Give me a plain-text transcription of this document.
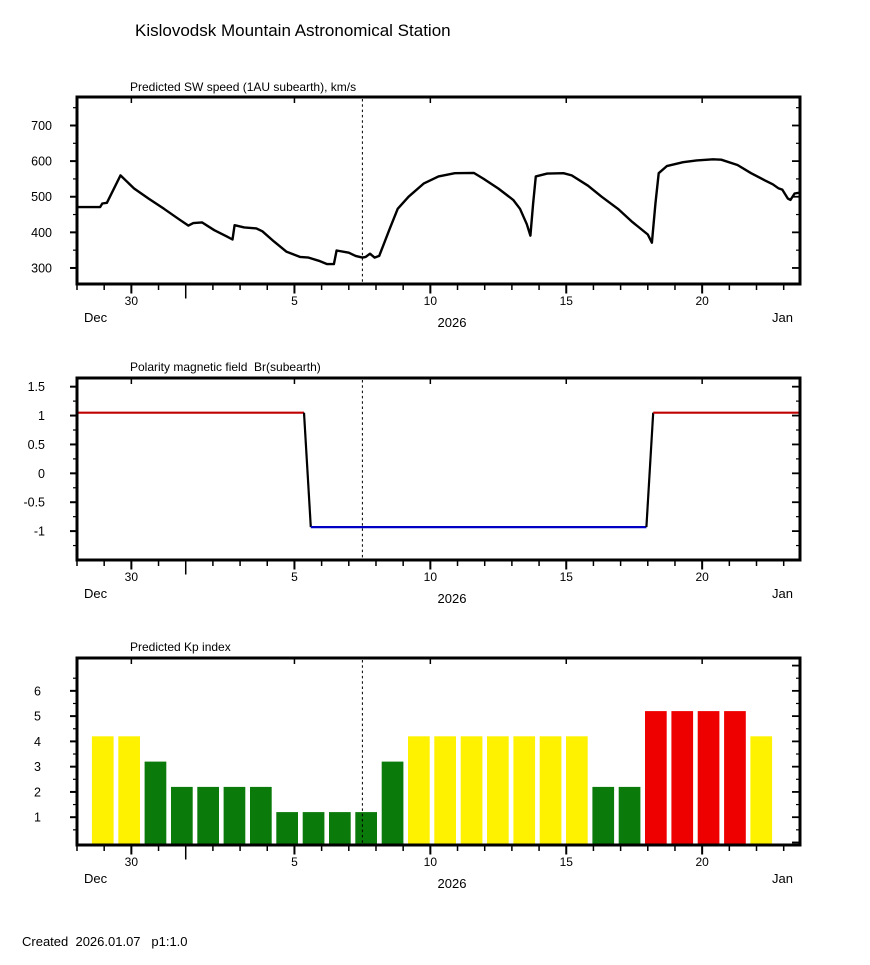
Kislovodsk Mountain Astronomical Station
Predicted SW speed (1AU subearth), km/s
Polarity magnetic field  Br(subearth)
Predicted Kp index
30	5	10	15	20
300
400
500
600
700
Dec	2026	Jan
30	5	10	15	20
1.5
1
0.5
0
-0.5
-1
Dec	2026	Jan
30	5	10	15	20
1
2
3
4
5
6
Dec	2026	Jan
Created  2026.01.07   p1:1.0
